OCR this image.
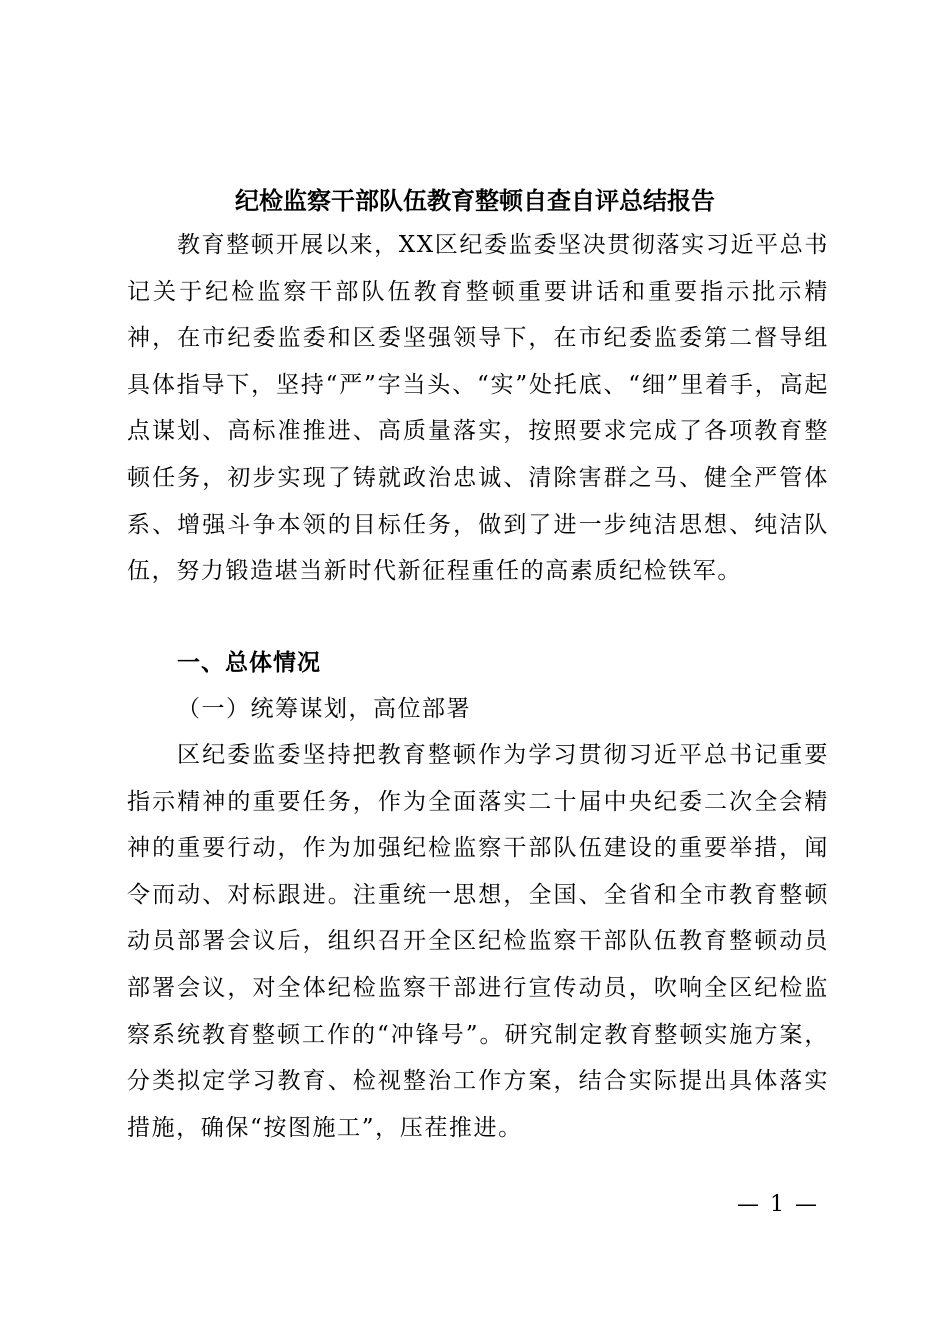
纪检监察干部队伍教育整顿自查自评总结报告

教育整顿开展以来，XX区纪委监委坚决贯彻落实习近平总书记关于纪检监察干部队伍教育整顿重要讲话和重要指示批示精神，在市纪委监委和区委坚强领导下，在市纪委监委第二督导组具体指导下，坚持“严”字当头、“实”处托底、“细”里着手，高起点谋划、高标准推进、高质量落实，按照要求完成了各项教育整顿任务，初步实现了铸就政治忠诚、清除害群之马、健全严管体系、增强斗争本领的目标任务，做到了进一步纯洁思想、纯洁队伍，努力锻造堪当新时代新征程重任的高素质纪检铁军。

一、总体情况
（一）统筹谋划，高位部署

区纪委监委坚持把教育整顿作为学习贯彻习近平总书记重要指示精神的重要任务，作为全面落实二十届中央纪委二次全会精神的重要行动，作为加强纪检监察干部队伍建设的重要举措，闻令而动、对标跟进。注重统一思想，全国、全省和全市教育整顿动员部署会议后，组织召开全区纪检监察干部队伍教育整顿动员部署会议，对全体纪检监察干部进行宣传动员，吹响全区纪检监察系统教育整顿工作的“冲锋号”。研究制定教育整顿实施方案，分类拟定学习教育、检视整治工作方案，结合实际提出具体落实措施，确保“按图施工”，压茬推进。

— 1 —
